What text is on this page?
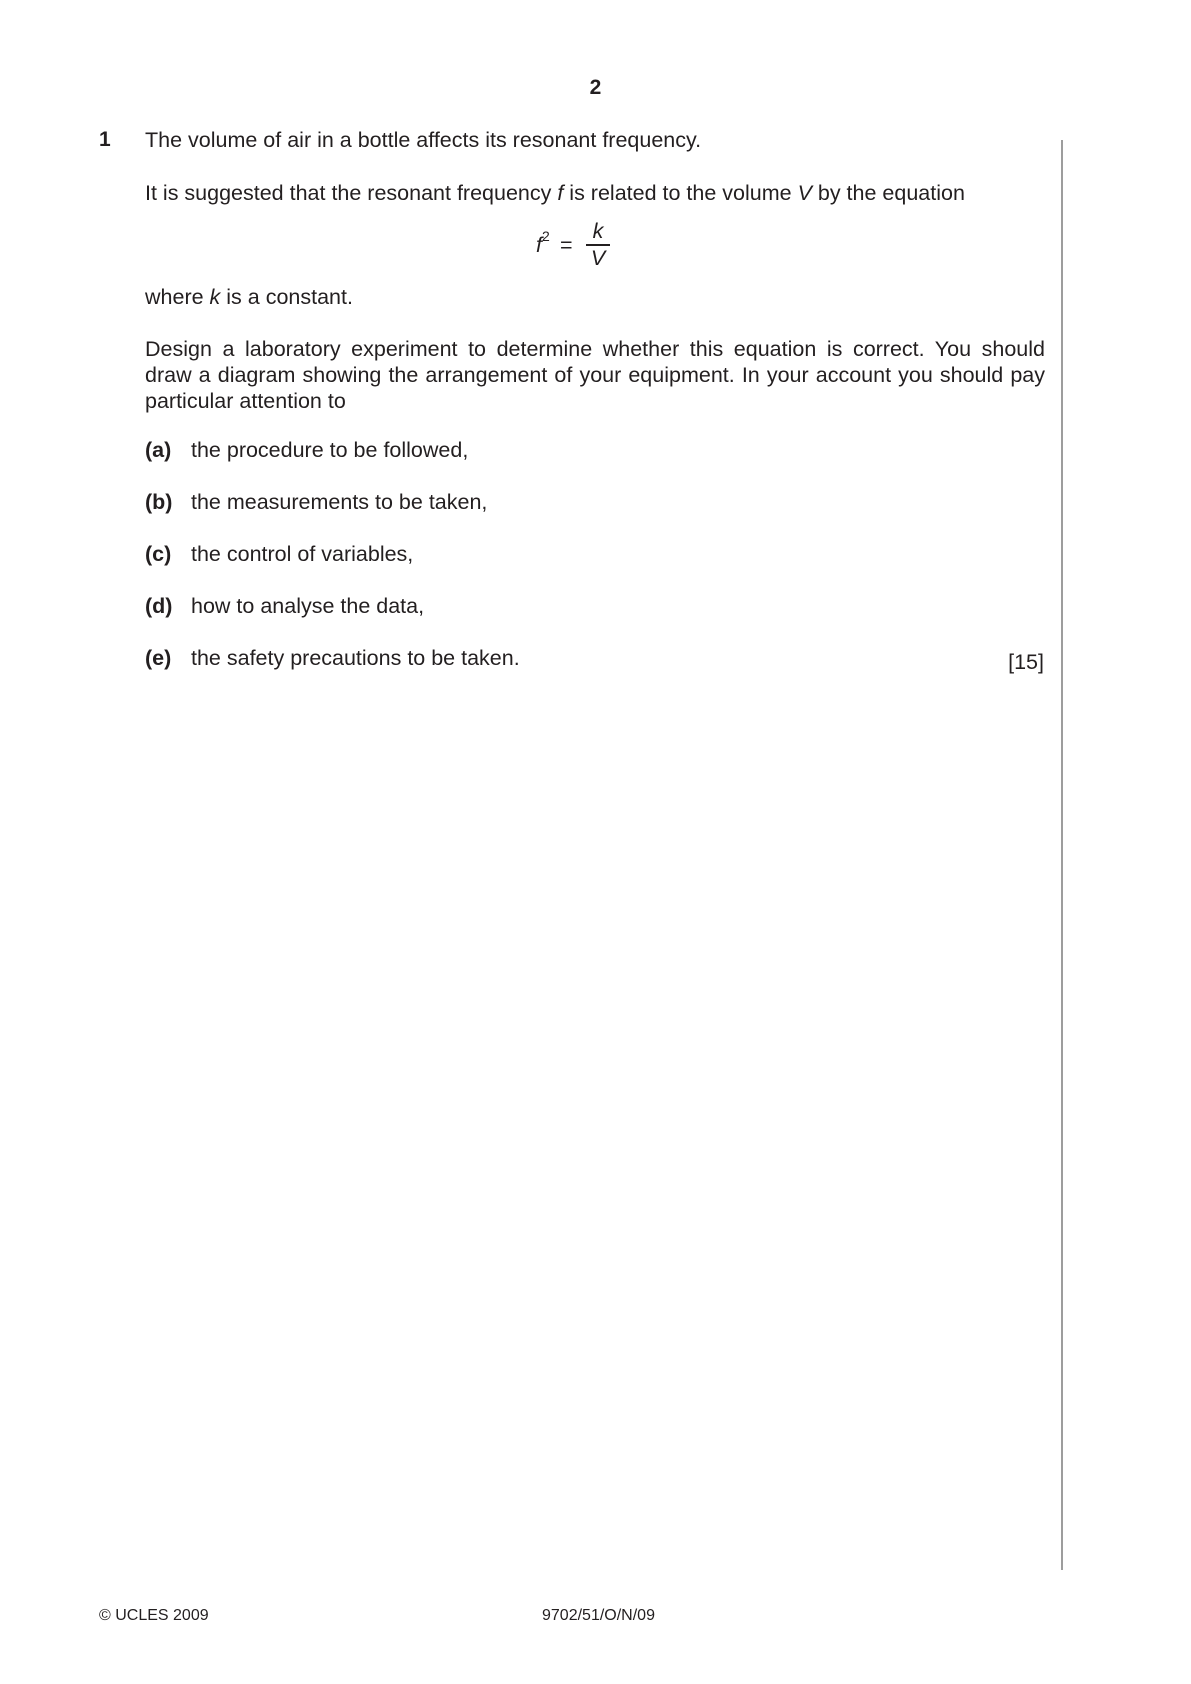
2
1 The volume of air in a bottle affects its resonant frequency.
It is suggested that the resonant frequency f is related to the volume V by the equation
$f^2$ =
k
V
where k is a constant.
Design a laboratory experiment to determine whether this equation is correct. You should
draw a diagram showing the arrangement of your equipment. In your account you should pay
particular attention to
(a) the procedure to be followed,
(b) the measurements to be taken,
(c) the control of variables,
(d) how to analyse the data,
(e) the safety precautions to be taken.	[15]
© UCLES 2009	9702/51/O/N/09
